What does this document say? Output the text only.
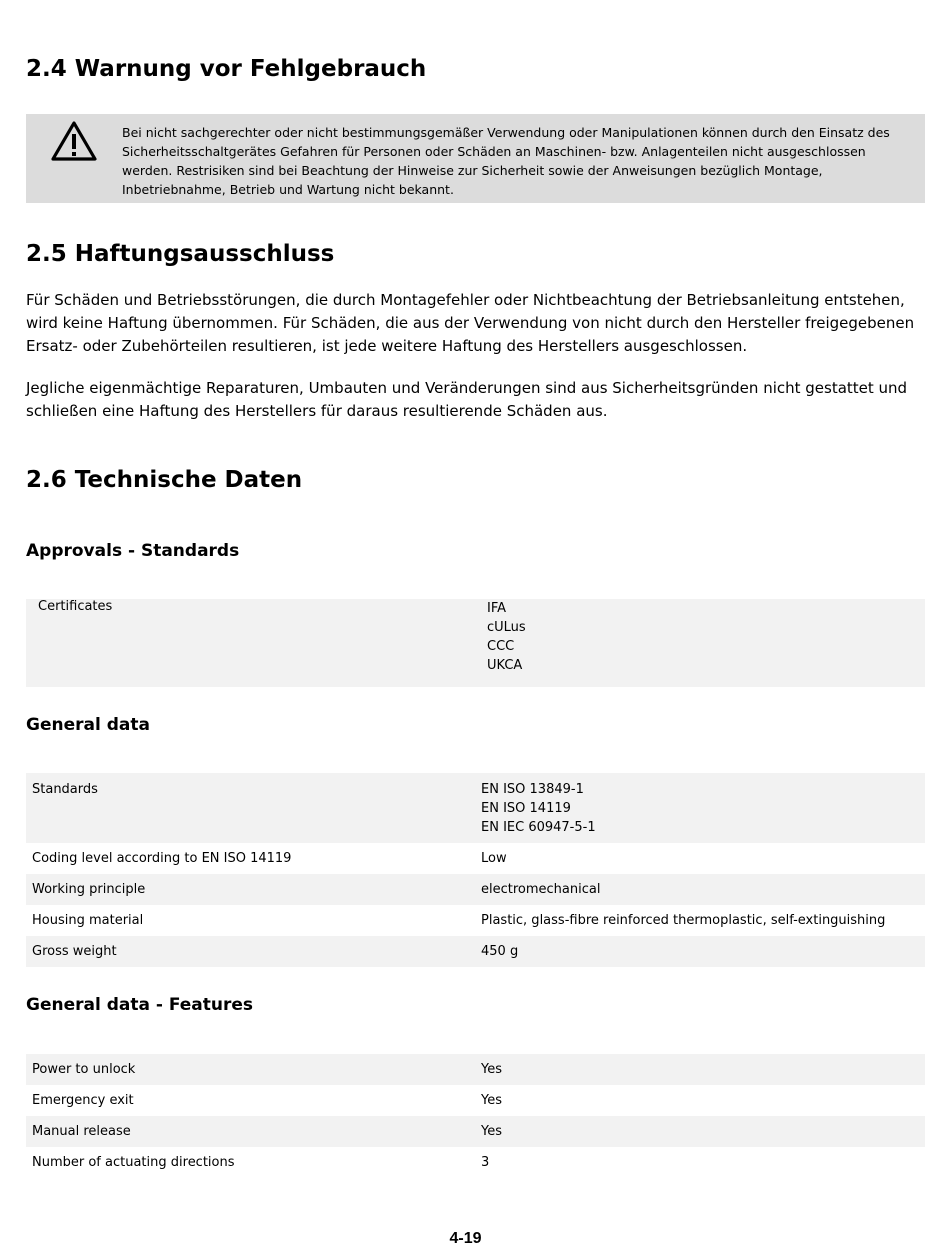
2.4 Warnung vor Fehlgebrauch
Bei nicht sachgerechter oder nicht bestimmungsgemäßer Verwendung oder Manipulationen können durch den Einsatz des Sicherheitsschaltgerätes Gefahren für Personen oder Schäden an Maschinen- bzw. Anlagenteilen nicht ausgeschlossen werden. Restrisiken sind bei Beachtung der Hinweise zur Sicherheit sowie der Anweisungen bezüglich Montage, Inbetriebnahme, Betrieb und Wartung nicht bekannt.
2.5 Haftungsausschluss

Für Schäden und Betriebsstörungen, die durch Montagefehler oder Nichtbeachtung der Betriebsanleitung entstehen, wird keine Haftung übernommen. Für Schäden, die aus der Verwendung von nicht durch den Hersteller freigegebenen Ersatz- oder Zubehörteilen resultieren, ist jede weitere Haftung des Herstellers ausgeschlossen.

Jegliche eigenmächtige Reparaturen, Umbauten und Veränderungen sind aus Sicherheitsgründen nicht gestattet und schließen eine Haftung des Herstellers für daraus resultierende Schäden aus.

2.6 Technische Daten
Approvals - Standards
Certificates	IFA
cULus
CCC
UKCA
General data
Standards	EN ISO 13849-1
EN ISO 14119
EN IEC 60947-5-1

Coding level according to EN ISO 14119	Low
Working principle	electromechanical
Housing material	Plastic, glass-fibre reinforced thermoplastic, self-extinguishing
Gross weight	450 g
General data - Features
Power to unlock	Yes
Emergency exit	Yes
Manual release	Yes
Number of actuating directions	3
4-19
